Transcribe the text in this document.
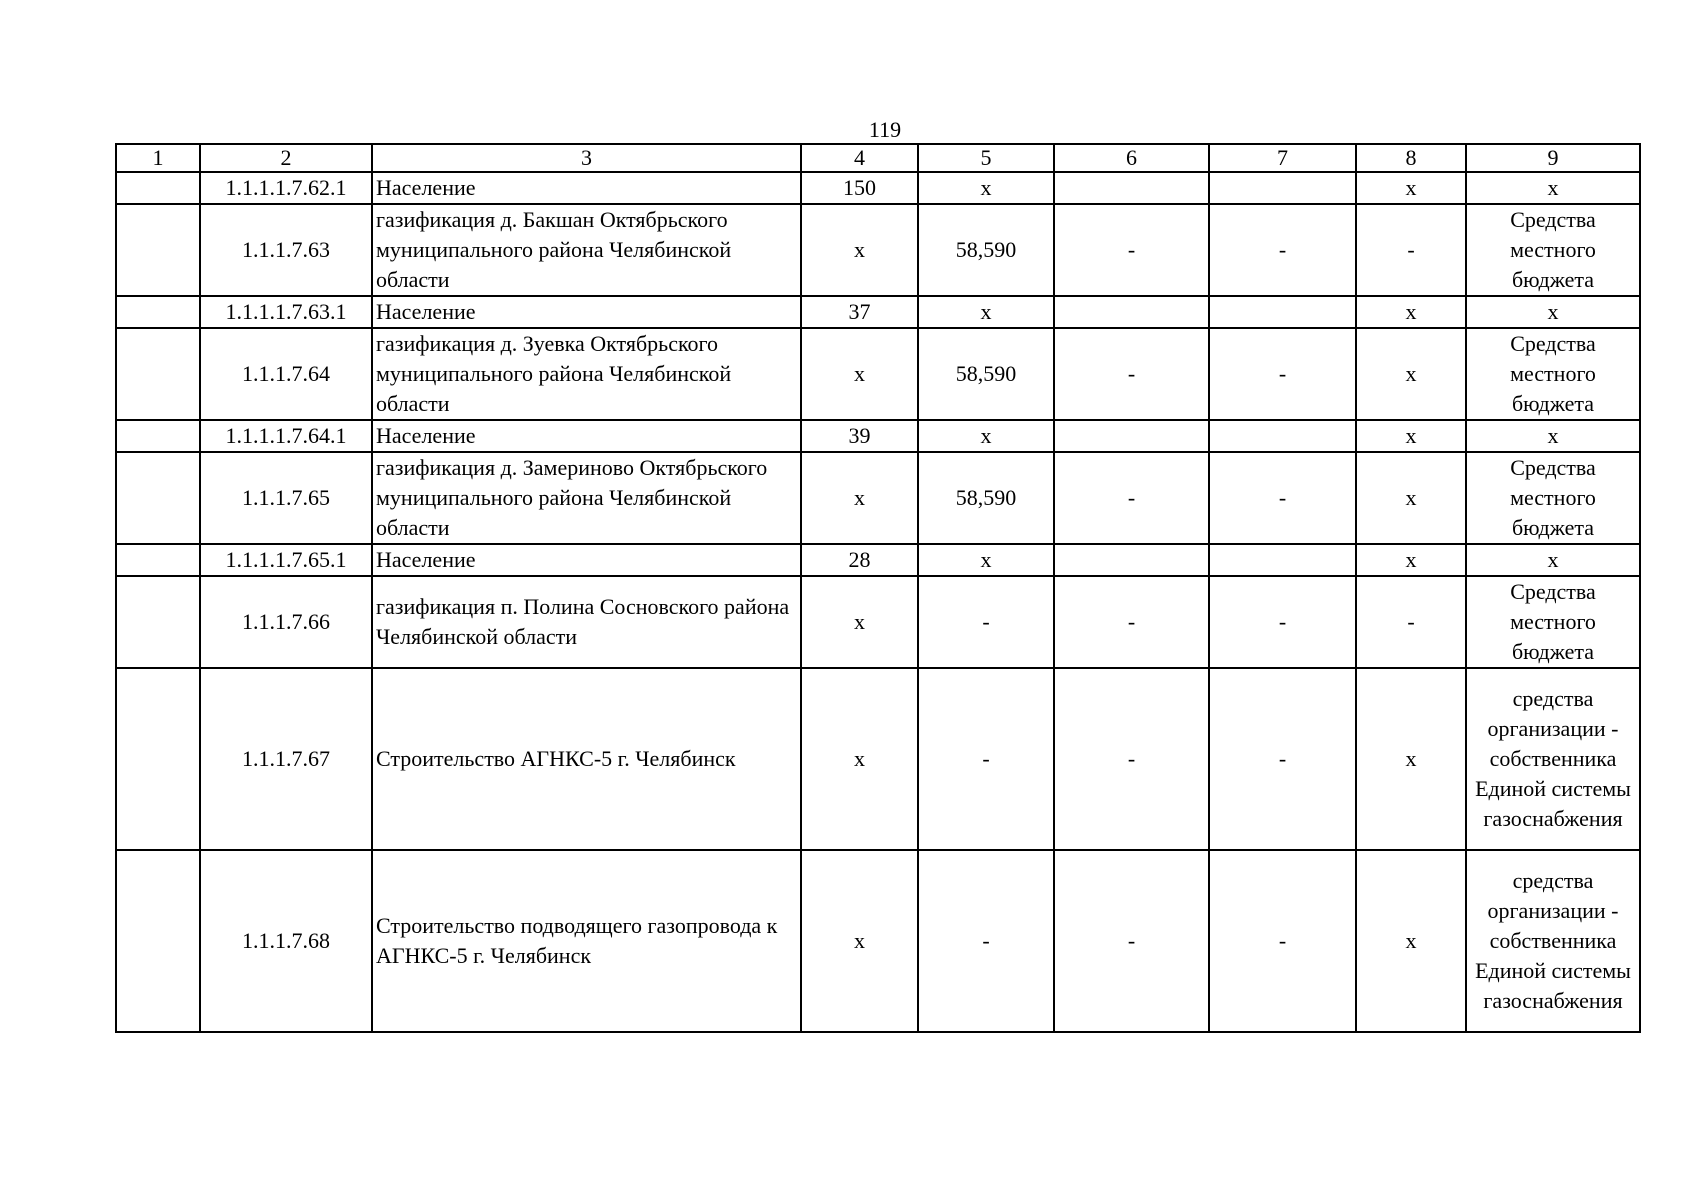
119
1	2	3	4	5	6	7	8	9
	1.1.1.1.7.62.1	Население	150	x			x	x
	1.1.1.7.63	газификация д. Бакшан Октябрьского муниципального района Челябинской области	x	58,590	-	-	-	Средства местного бюджета
	1.1.1.1.7.63.1	Население	37	x			x	x
	1.1.1.7.64	газификация д. Зуевка Октябрьского муниципального района Челябинской области	x	58,590	-	-	x	Средства местного бюджета
	1.1.1.1.7.64.1	Население	39	x			x	x
	1.1.1.7.65	газификация д. Замериново Октябрьского муниципального района Челябинской области	x	58,590	-	-	x	Средства местного бюджета
	1.1.1.1.7.65.1	Население	28	x			x	x
	1.1.1.7.66	газификация п. Полина Сосновского района Челябинской области	x	-	-	-	-	Средства местного бюджета
	1.1.1.7.67	Строительство АГНКС-5 г. Челябинск	x	-	-	-	x	средства организации - собственника Единой системы газоснабжения
	1.1.1.7.68	Строительство подводящего газопровода к АГНКС-5 г. Челябинск	x	-	-	-	x	средства организации - собственника Единой системы газоснабжения
